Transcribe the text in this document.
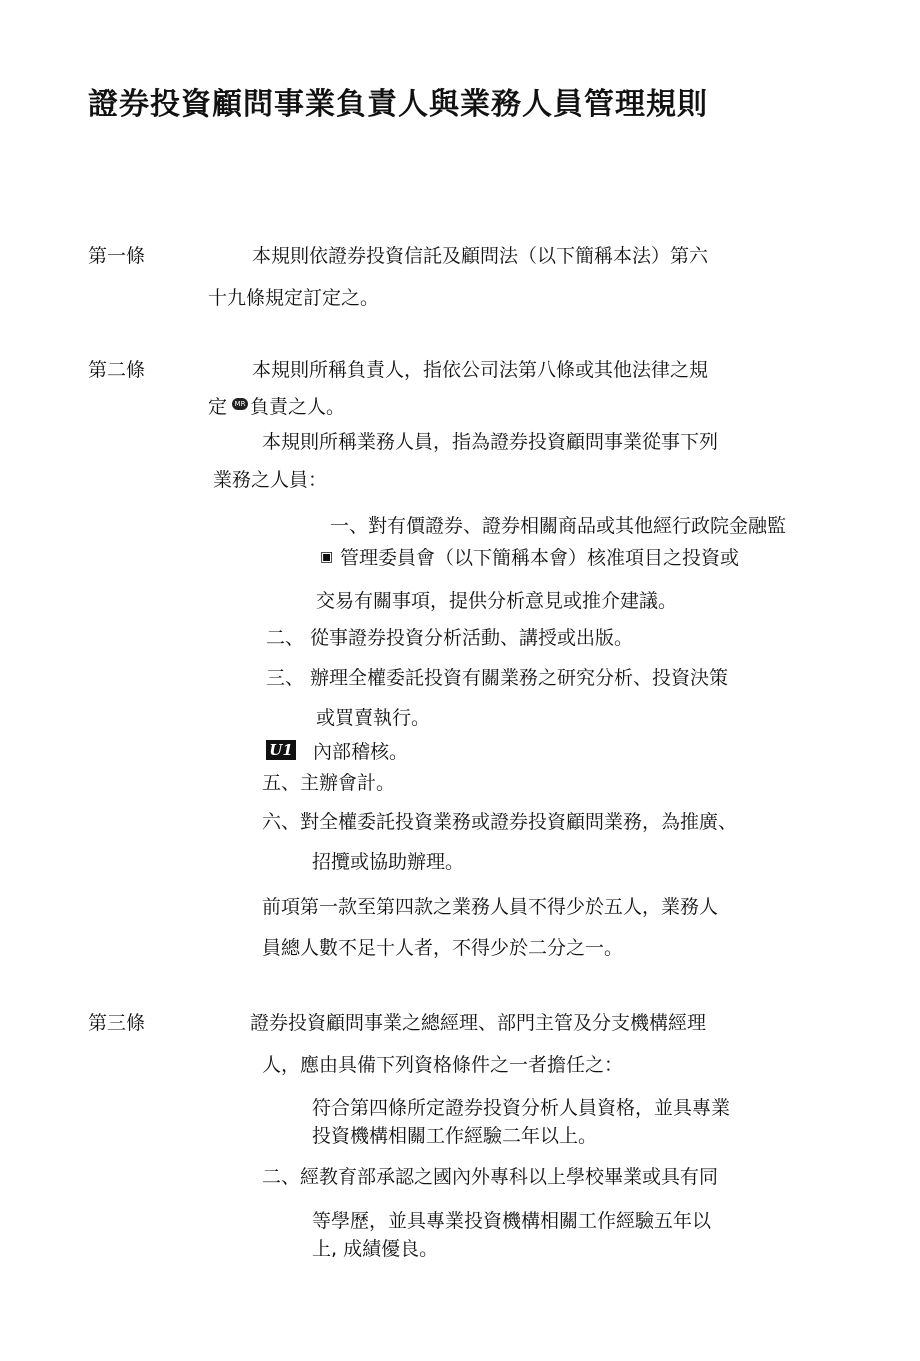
證券投資顧問事業負責人與業務人員管理規則
第一條	本規則依證券投資信託及顧問法（以下簡稱本法）第六
十九條規定訂定之。
第二條	本規則所稱負責人，指依公司法第八條或其他法律之規
定	MR 負責之人。
本規則所稱業務人員，指為證券投資顧問事業從事下列
業務之人員：
一、對有價證券、證券相關商品或其他經行政院金融監
▣ 管理委員會（以下簡稱本會）核准項目之投資或
交易有關事項，提供分析意見或推介建議。
二、 從事證券投資分析活動、講授或出版。
三、 辦理全權委託投資有關業務之研究分析、投資決策
或買賣執行。
U1 內部稽核。
五、主辦會計。
六、對全權委託投資業務或證券投資顧問業務，為推廣、
招攬或協助辦理。
前項第一款至第四款之業務人員不得少於五人，業務人
員總人數不足十人者，不得少於二分之一。
第三條	證券投資顧問事業之總經理、部門主管及分支機構經理
人，應由具備下列資格條件之一者擔任之：
符合第四條所定證券投資分析人員資格，並具專業
投資機構相關工作經驗二年以上。
二、經教育部承認之國內外專科以上學校畢業或具有同
等學歷，並具專業投資機構相關工作經驗五年以
上, 成績優良。
